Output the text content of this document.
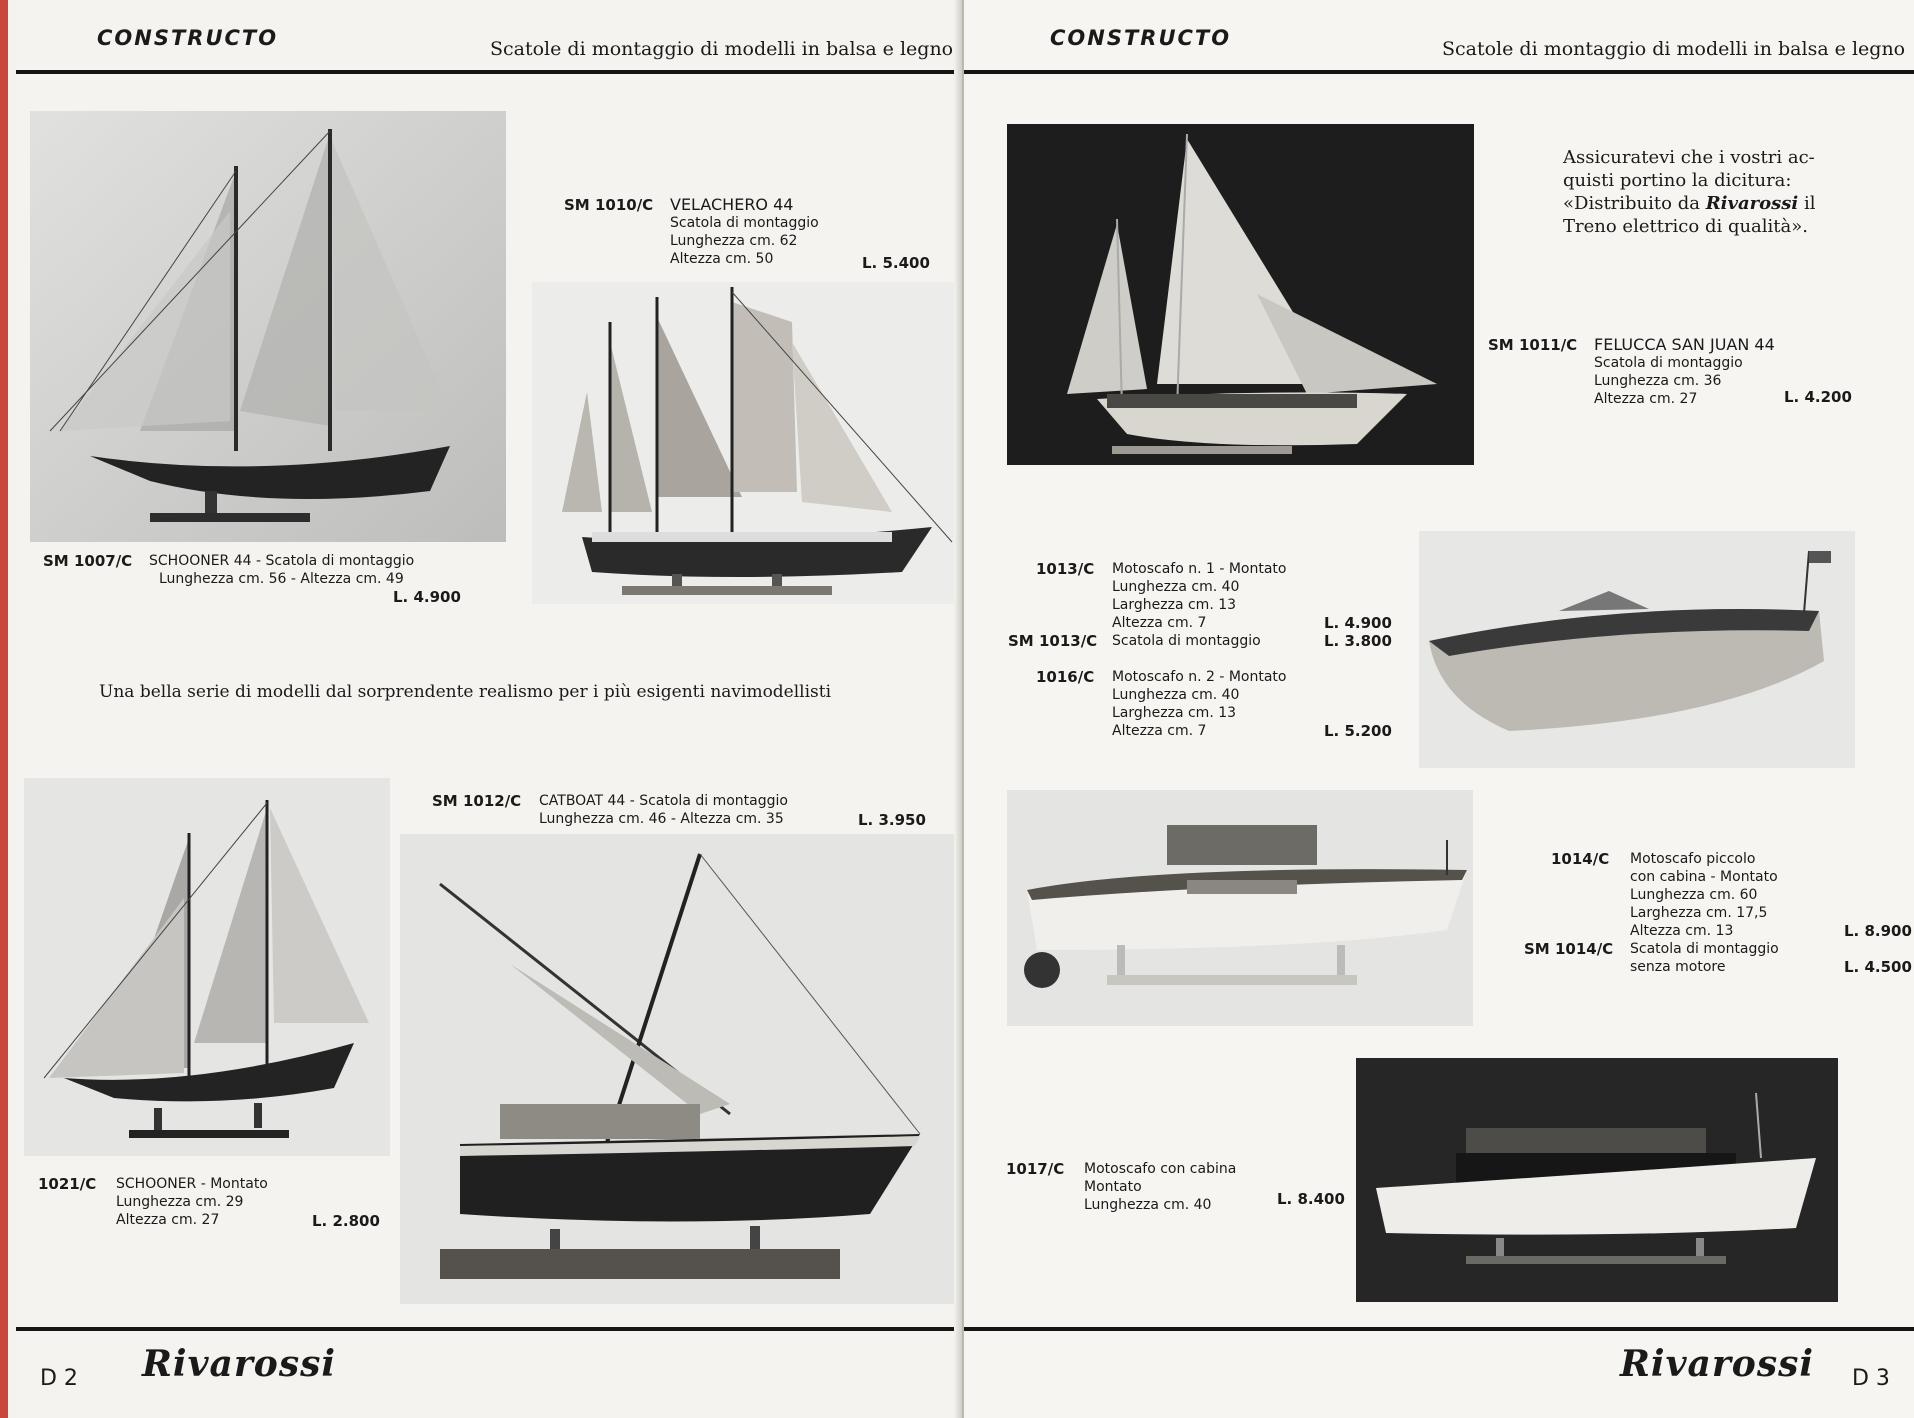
CONSTRUCTO	Scatole di montaggio di modelli in balsa e legno
SM 1007/C SCHOONER 44 - Scatola di montaggio
Lunghezza cm. 56 - Altezza cm. 49
L. 4.900
SM 1010/C VELACHERO 44
Scatola di montaggio
Lunghezza cm. 62
Altezza cm. 50	L. 5.400
Una bella serie di modelli dal sorprendente realismo per i più esigenti navimodellisti
1021/C SCHOONER - Montato
Lunghezza cm. 29
Altezza cm. 27	L. 2.800
SM 1012/C CATBOAT 44 - Scatola di montaggio
Lunghezza cm. 46 - Altezza cm. 35	L. 3.950
D 2 Rivarossi
CONSTRUCTO	Scatole di montaggio di modelli in balsa e legno
Assicuratevi che i vostri ac-
quisti portino la dicitura:
«Distribuito da Rivarossi il
Treno elettrico di qualità».
SM 1011/C FELUCCA SAN JUAN 44
Scatola di montaggio
Lunghezza cm. 36
Altezza cm. 27	L. 4.200
1013/C Motoscafo n. 1 - Montato
Lunghezza cm. 40
Larghezza cm. 13
Altezza cm. 7	L. 4.900
SM 1013/C Scatola di montaggio	L. 3.800
1016/C Motoscafo n. 2 - Montato
Lunghezza cm. 40
Larghezza cm. 13
Altezza cm. 7	L. 5.200
1014/C Motoscafo piccolo
con cabina - Montato
Lunghezza cm. 60
Larghezza cm. 17,5
Altezza cm. 13	L. 8.900
SM 1014/C Scatola di montaggio
senza motore	L. 4.500
1017/C Motoscafo con cabina
Montato
Lunghezza cm. 40	L. 8.400
Rivarossi D 3
